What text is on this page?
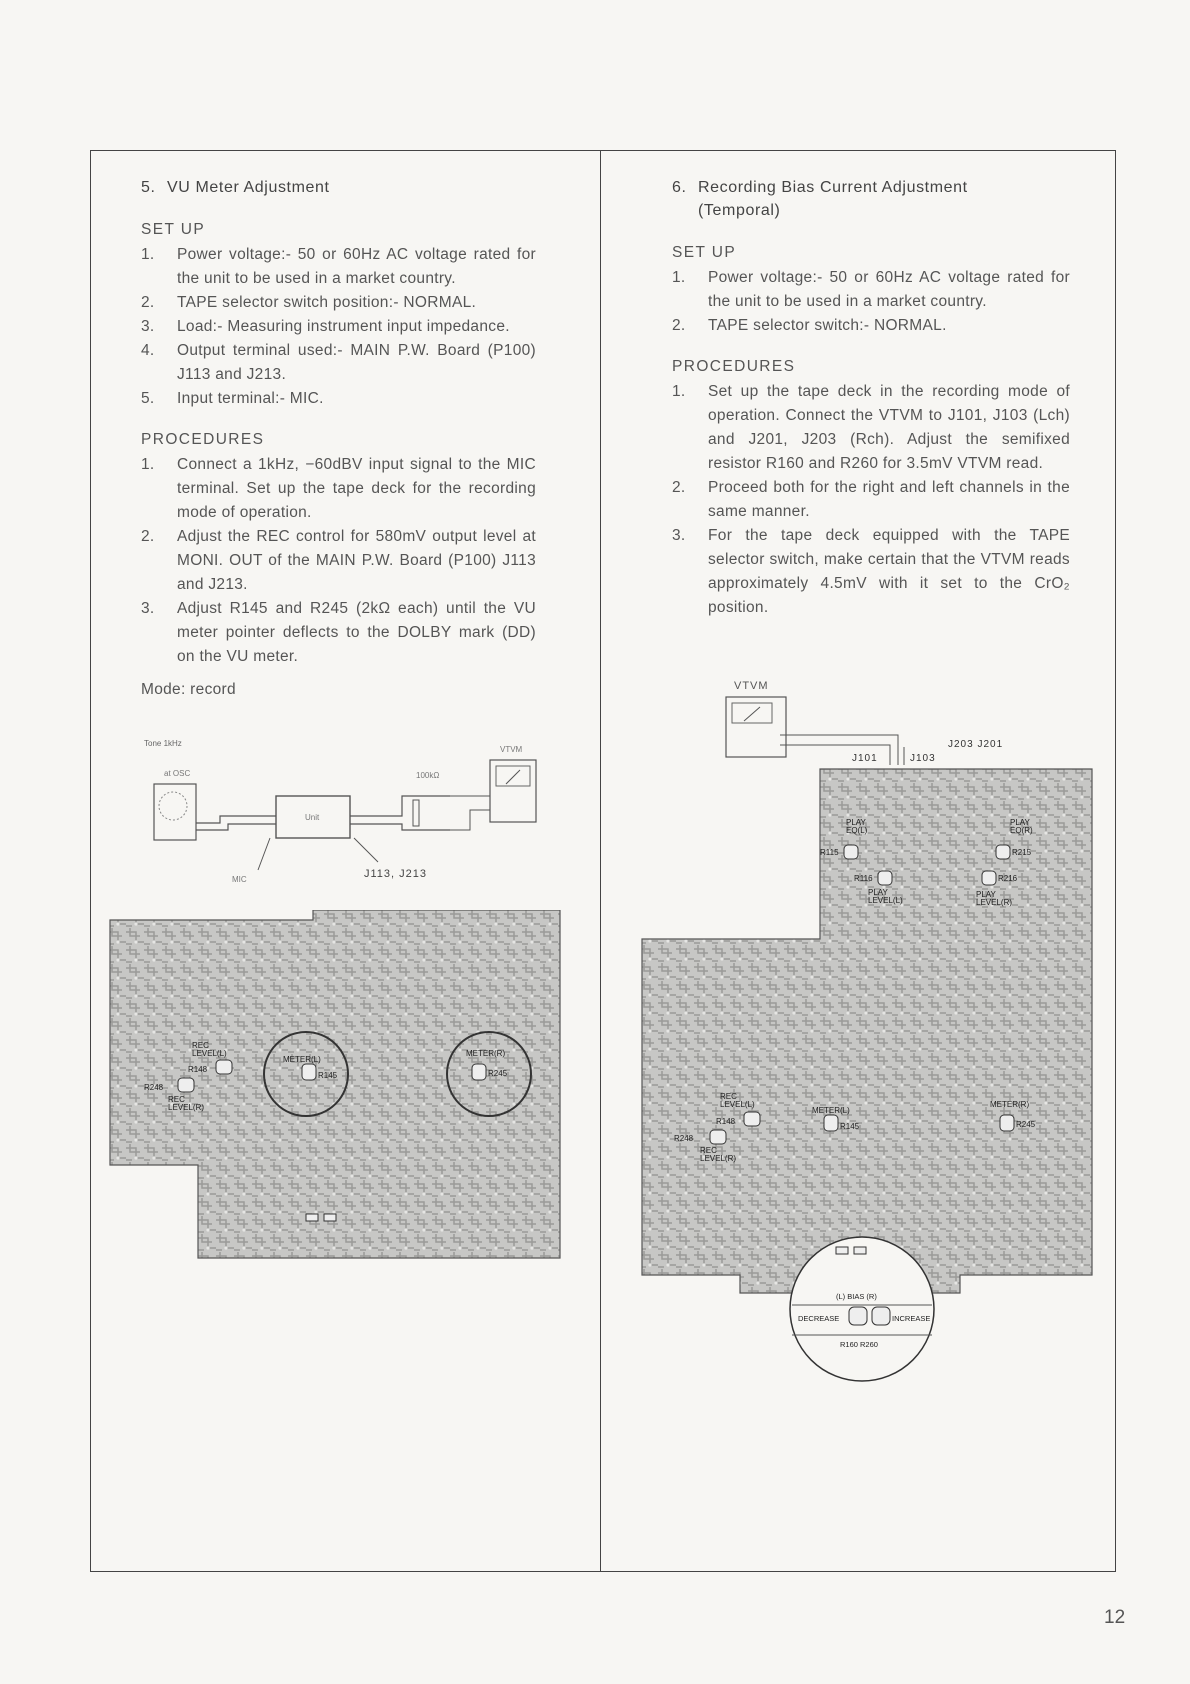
5. VU Meter Adjustment
SET UP
1. Power voltage:- 50 or 60Hz AC voltage rated for the unit to be used in a market country.
2. TAPE selector switch position:- NORMAL.
3. Load:- Measuring instrument input impedance.
4. Output terminal used:- MAIN P.W. Board (P100) J113 and J213.
5. Input terminal:- MIC.
PROCEDURES
1. Connect a 1kHz, −60dBV input signal to the MIC terminal. Set up the tape deck for the recording mode of operation.
2. Adjust the REC control for 580mV output level at MONI. OUT of the MAIN P.W. Board (P100) J113 and J213.
3. Adjust R145 and R245 (2kΩ each) until the VU meter pointer deflects to the DOLBY mark (DD) on the VU meter.
Mode: record
Tone 1kHz
at OSC
Unit
100kΩ
VTVM
MIC	J113, J213
REC
LEVEL(L)
R148
R248
REC
LEVEL(R)
METER(L)
R145
METER(R)
R245
6. Recording Bias Current Adjustment
(Temporal)
SET UP
1. Power voltage:- 50 or 60Hz AC voltage rated for the unit to be used in a market country.
2. TAPE selector switch:- NORMAL.
PROCEDURES
1. Set up the tape deck in the recording mode of operation. Connect the VTVM to J101, J103 (Lch) and J201, J203 (Rch). Adjust the semifixed resistor R160 and R260 for 3.5mV VTVM read.
2. Proceed both for the right and left channels in the same manner.
3. For the tape deck equipped with the TAPE selector switch, make certain that the VTVM reads approximately 4.5mV with it set to the CrO₂ position.
VTVM
J101	J103
J203 J201
PLAY
EQ(L)
R115
PLAY
EQ(R)
R215
R116
PLAY
LEVEL(L)
R216
PLAY
LEVEL(R)
REC
LEVEL(L)
R148
R248
REC
LEVEL(R)
METER(L)
R145
METER(R)
R245
(L) BIAS (R)
DECREASE	INCREASE
R160 R260
12
